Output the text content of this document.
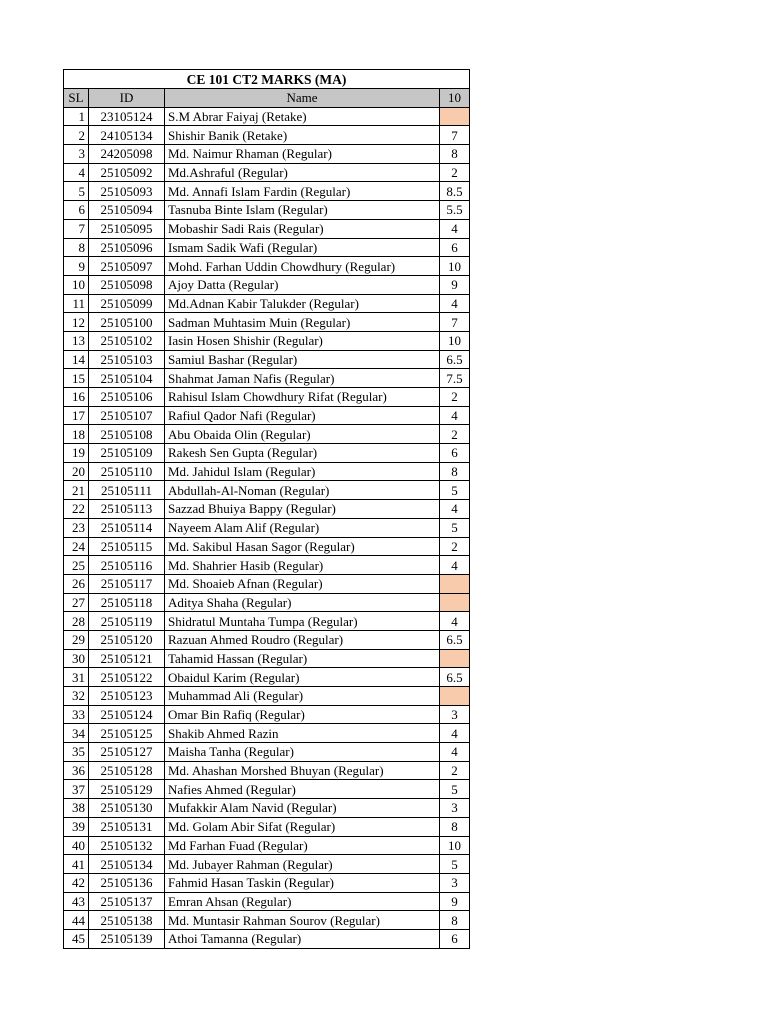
CE 101 CT2 MARKS (MA)			
SL	ID	Name	10
1	23105124	S.M Abrar Faiyaj (Retake)	
2	24105134	Shishir Banik (Retake)	7
3	24205098	Md. Naimur Rhaman (Regular)	8
4	25105092	Md.Ashraful (Regular)	2
5	25105093	Md. Annafi Islam Fardin (Regular)	8.5
6	25105094	Tasnuba Binte Islam (Regular)	5.5
7	25105095	Mobashir Sadi Rais (Regular)	4
8	25105096	Ismam Sadik Wafi (Regular)	6
9	25105097	Mohd. Farhan Uddin Chowdhury (Regular)	10
10	25105098	Ajoy Datta (Regular)	9
11	25105099	Md.Adnan Kabir Talukder (Regular)	4
12	25105100	Sadman Muhtasim Muin (Regular)	7
13	25105102	Iasin Hosen Shishir (Regular)	10
14	25105103	Samiul Bashar (Regular)	6.5
15	25105104	Shahmat Jaman Nafis (Regular)	7.5
16	25105106	Rahisul Islam Chowdhury Rifat (Regular)	2
17	25105107	Rafiul Qador Nafi (Regular)	4
18	25105108	Abu Obaida Olin (Regular)	2
19	25105109	Rakesh Sen Gupta (Regular)	6
20	25105110	Md. Jahidul Islam (Regular)	8
21	25105111	Abdullah-Al-Noman (Regular)	5
22	25105113	Sazzad Bhuiya Bappy (Regular)	4
23	25105114	Nayeem Alam Alif (Regular)	5
24	25105115	Md. Sakibul Hasan Sagor (Regular)	2
25	25105116	Md. Shahrier Hasib (Regular)	4
26	25105117	Md. Shoaieb Afnan (Regular)	
27	25105118	Aditya Shaha (Regular)	
28	25105119	Shidratul Muntaha Tumpa (Regular)	4
29	25105120	Razuan Ahmed Roudro (Regular)	6.5
30	25105121	Tahamid Hassan (Regular)	
31	25105122	Obaidul Karim (Regular)	6.5
32	25105123	Muhammad Ali (Regular)	
33	25105124	Omar Bin Rafiq (Regular)	3
34	25105125	Shakib Ahmed Razin	4
35	25105127	Maisha Tanha (Regular)	4
36	25105128	Md. Ahashan Morshed Bhuyan (Regular)	2
37	25105129	Nafies Ahmed (Regular)	5
38	25105130	Mufakkir Alam Navid (Regular)	3
39	25105131	Md. Golam Abir Sifat (Regular)	8
40	25105132	Md Farhan Fuad (Regular)	10
41	25105134	Md. Jubayer Rahman (Regular)	5
42	25105136	Fahmid Hasan Taskin (Regular)	3
43	25105137	Emran Ahsan (Regular)	9
44	25105138	Md. Muntasir Rahman Sourov (Regular)	8
45	25105139	Athoi Tamanna (Regular)	6
